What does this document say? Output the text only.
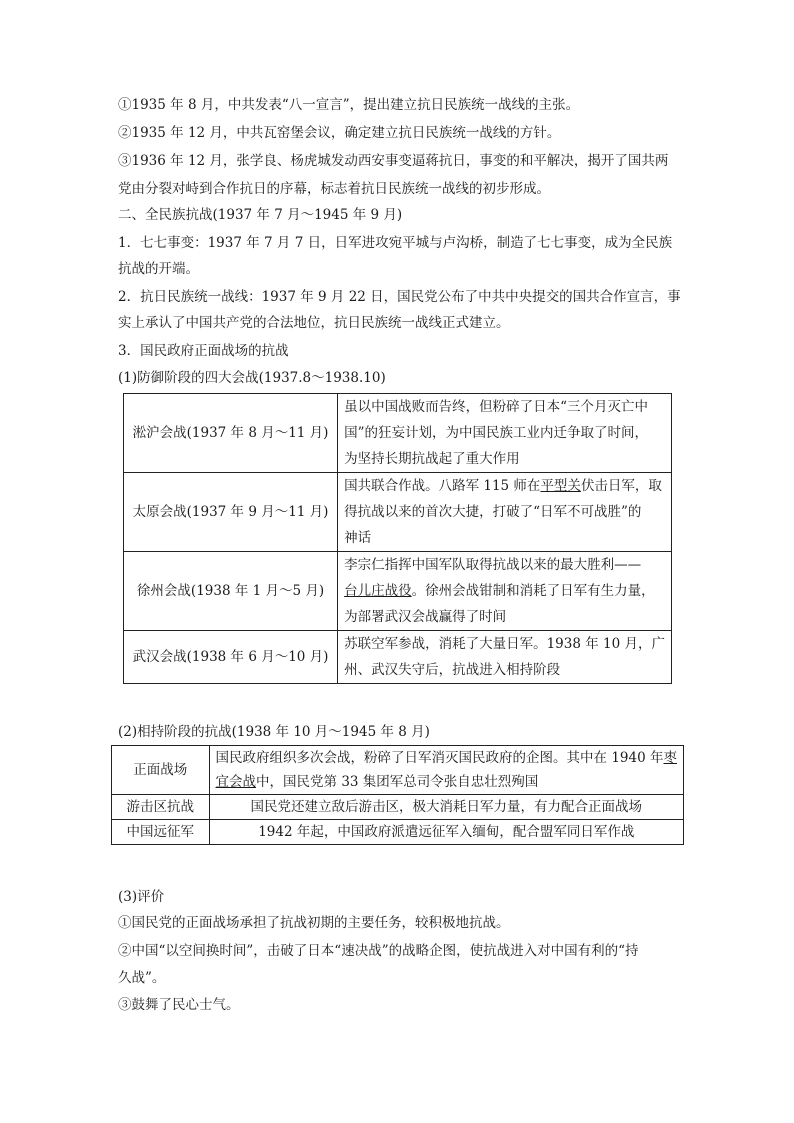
①1935 年 8 月，中共发表“八一宣言”，提出建立抗日民族统一战线的主张。
②1935 年 12 月，中共瓦窑堡会议，确定建立抗日民族统一战线的方针。
③1936 年 12 月，张学良、杨虎城发动西安事变逼蒋抗日，事变的和平解决，揭开了国共两
党由分裂对峙到合作抗日的序幕，标志着抗日民族统一战线的初步形成。
二、全民族抗战(1937 年 7 月～1945 年 9 月)
1．七七事变：1937 年 7 月 7 日，日军进攻宛平城与卢沟桥，制造了七七事变，成为全民族
抗战的开端。
2．抗日民族统一战线：1937 年 9 月 22 日，国民党公布了中共中央提交的国共合作宣言，事
实上承认了中国共产党的合法地位，抗日民族统一战线正式建立。
3．国民政府正面战场的抗战
(1)防御阶段的四大会战(1937.8～1938.10)
淞沪会战(1937 年 8 月～11 月)	虽以中国战败而告终，但粉碎了日本“三个月灭亡中
国”的狂妄计划，为中国民族工业内迁争取了时间，
为坚持长期抗战起了重大作用

太原会战(1937 年 9 月～11 月)	国共联合作战。八路军 115 师在平型关伏击日军，取
得抗战以来的首次大捷，打破了“日军不可战胜”的
神话

徐州会战(1938 年 1 月～5 月)	李宗仁指挥中国军队取得抗战以来的最大胜利——
台儿庄战役。徐州会战钳制和消耗了日军有生力量，
为部署武汉会战赢得了时间

武汉会战(1938 年 6 月～10 月)	苏联空军参战，消耗了大量日军。1938 年 10 月，广
州、武汉失守后，抗战进入相持阶段
(2)相持阶段的抗战(1938 年 10 月～1945 年 8 月)
正面战场	国民政府组织多次会战，粉碎了日军消灭国民政府的企图。其中在 1940 年枣
宜会战中，国民党第 33 集团军总司令张自忠壮烈殉国

游击区抗战	国民党还建立敌后游击区，极大消耗日军力量，有力配合正面战场
中国远征军	1942 年起，中国政府派遣远征军入缅甸，配合盟军同日军作战
(3)评价
①国民党的正面战场承担了抗战初期的主要任务，较积极地抗战。
②中国“以空间换时间”，击破了日本“速决战”的战略企图，使抗战进入对中国有利的“持
久战”。
③鼓舞了民心士气。
